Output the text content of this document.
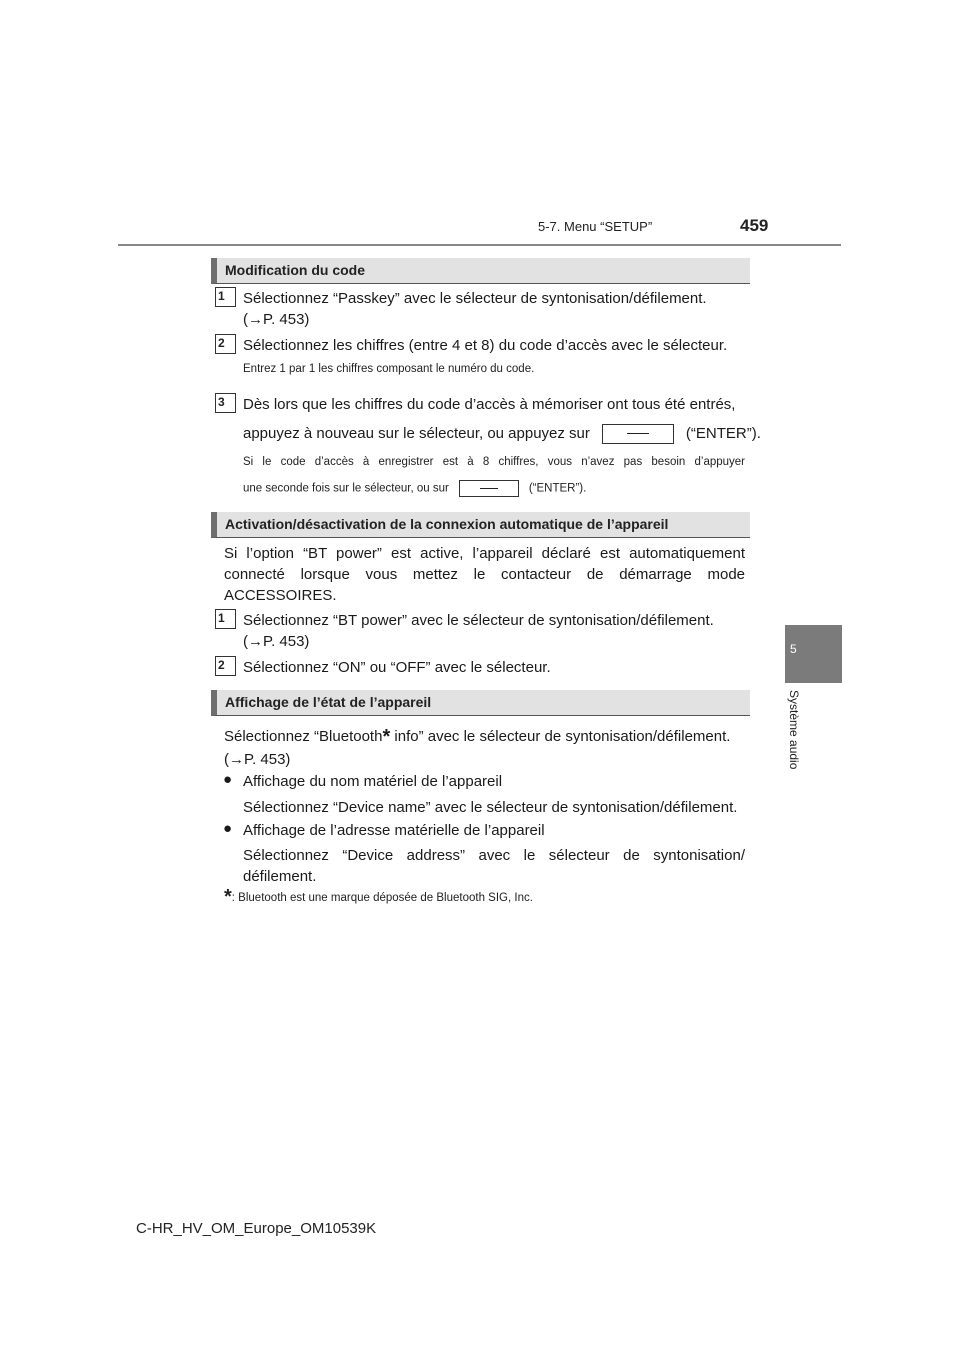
5-7. Menu “SETUP”	459
5
Système audio
Modification du code
1	Sélectionnez “Passkey” avec le sélecteur de syntonisation/défilement.
(→P. 453)
2	Sélectionnez les chiffres (entre 4 et 8) du code d’accès avec le sélecteur.
Entrez 1 par 1 les chiffres composant le numéro du code.
3	Dès lors que les chiffres du code d’accès à mémoriser ont tous été entrés,
appuyez à nouveau sur le sélecteur, ou appuyez sur	(“ENTER”).
Si le code d’accès à enregistrer est à 8 chiffres, vous n’avez pas besoin d’appuyer
une seconde fois sur le sélecteur, ou sur	(“ENTER”).
Activation/désactivation de la connexion automatique de l’appareil
Si l’option “BT power” est active, l’appareil déclaré est automatiquement connecté lorsque vous mettez le contacteur de démarrage mode ACCESSOIRES.
1	Sélectionnez “BT power” avec le sélecteur de syntonisation/défilement.
(→P. 453)
2	Sélectionnez “ON” ou “OFF” avec le sélecteur.
Affichage de l’état de l’appareil
Sélectionnez “Bluetooth* info” avec le sélecteur de syntonisation/défilement.
(→P. 453)
● Affichage du nom matériel de l’appareil
Sélectionnez “Device name” avec le sélecteur de syntonisation/défilement.
● Affichage de l’adresse matérielle de l’appareil
Sélectionnez “Device address” avec le sélecteur de syntonisation/ défilement.
*: Bluetooth est une marque déposée de Bluetooth SIG, Inc.
C-HR_HV_OM_Europe_OM10539K
